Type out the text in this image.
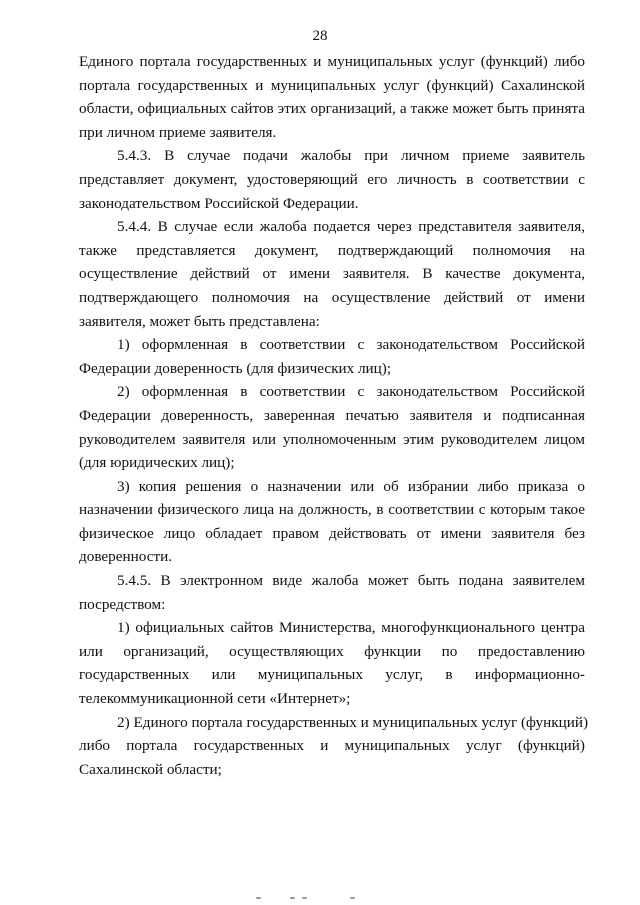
28

Единого портала государственных и муниципальных услуг (функций) либо
портала государственных и муниципальных услуг (функций) Сахалинской
области, официальных сайтов этих организаций, а также может быть принята
при личном приеме заявителя.

5.4.3. В случае подачи жалобы при личном приеме заявитель
представляет документ, удостоверяющий его личность в соответствии с
законодательством Российской Федерации.

5.4.4. В случае если жалоба подается через представителя заявителя,
также представляется документ, подтверждающий полномочия на
осуществление действий от имени заявителя. В качестве документа,
подтверждающего полномочия на осуществление действий от имени
заявителя, может быть представлена:

1) оформленная в соответствии с законодательством Российской
Федерации доверенность (для физических лиц);

2) оформленная в соответствии с законодательством Российской
Федерации доверенность, заверенная печатью заявителя и подписанная
руководителем заявителя или уполномоченным этим руководителем лицом
(для юридических лиц);

3) копия решения о назначении или об избрании либо приказа о
назначении физического лица на должность, в соответствии с которым такое
физическое лицо обладает правом действовать от имени заявителя без
доверенности.

5.4.5. В электронном виде жалоба может быть подана заявителем
посредством:

1) официальных сайтов Министерства, многофункционального центра
или организаций, осуществляющих функции по предоставлению
государственных или муниципальных услуг, в информационно-
телекоммуникационной сети «Интернет»;

2) Единого портала государственных и муниципальных услуг (функций)
либо портала государственных и муниципальных услуг (функций)
Сахалинской области;
